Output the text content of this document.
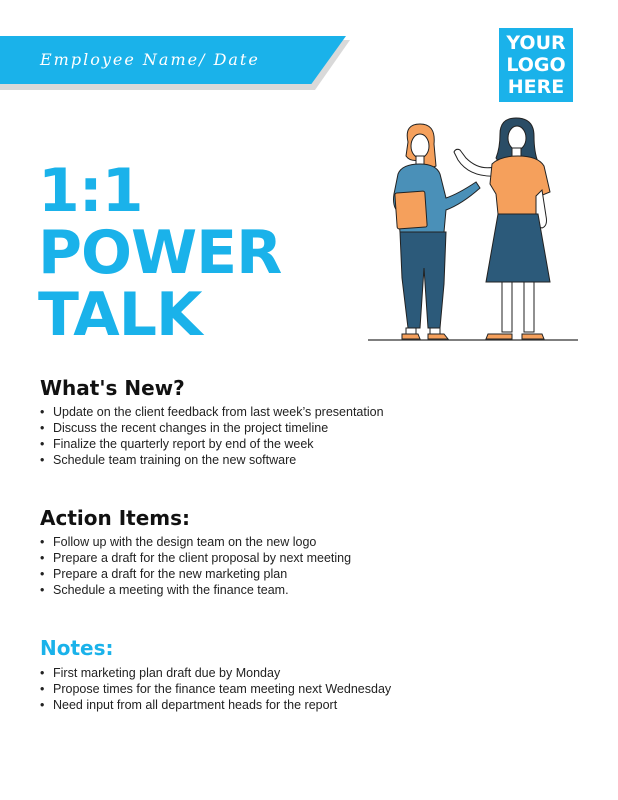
Employee Name/ Date
YOUR
LOGO
HERE
1:1
POWER
TALK
What's New?
• Update on the client feedback from last week’s presentation
• Discuss the recent changes in the project timeline
• Finalize the quarterly report by end of the week
• Schedule team training on the new software
Action Items:
• Follow up with the design team on the new logo
• Prepare a draft for the client proposal by next meeting
• Prepare a draft for the new marketing plan
• Schedule a meeting with the finance team.
Notes:
• First marketing plan draft due by Monday
• Propose times for the finance team meeting next Wednesday
• Need input from all department heads for the report
